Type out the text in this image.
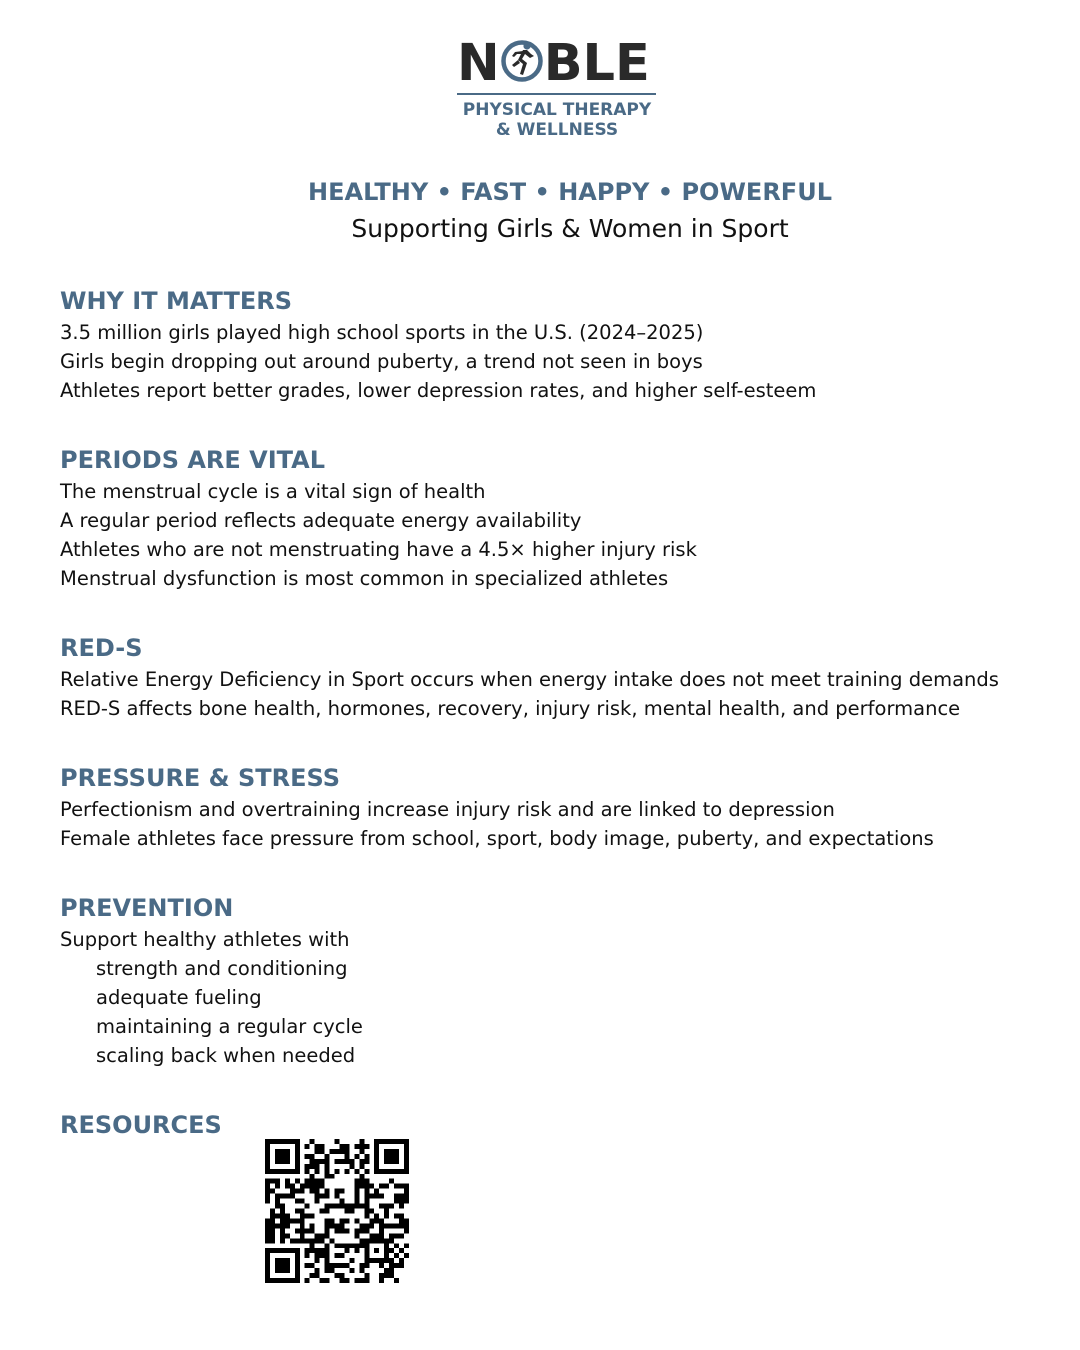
N BLE
PHYSICAL THERAPY
& WELLNESS
HEALTHY • FAST • HAPPY • POWERFUL
Supporting Girls & Women in Sport
WHY IT MATTERS
3.5 million girls played high school sports in the U.S. (2024–2025)
Girls begin dropping out around puberty, a trend not seen in boys
Athletes report better grades, lower depression rates, and higher self-esteem
PERIODS ARE VITAL
The menstrual cycle is a vital sign of health
A regular period reflects adequate energy availability
Athletes who are not menstruating have a 4.5× higher injury risk
Menstrual dysfunction is most common in specialized athletes
RED-S
Relative Energy Deficiency in Sport occurs when energy intake does not meet training demands
RED-S affects bone health, hormones, recovery, injury risk, mental health, and performance
PRESSURE & STRESS
Perfectionism and overtraining increase injury risk and are linked to depression
Female athletes face pressure from school, sport, body image, puberty, and expectations
PREVENTION
Support healthy athletes with
strength and conditioning
adequate fueling
maintaining a regular cycle
scaling back when needed
RESOURCES
